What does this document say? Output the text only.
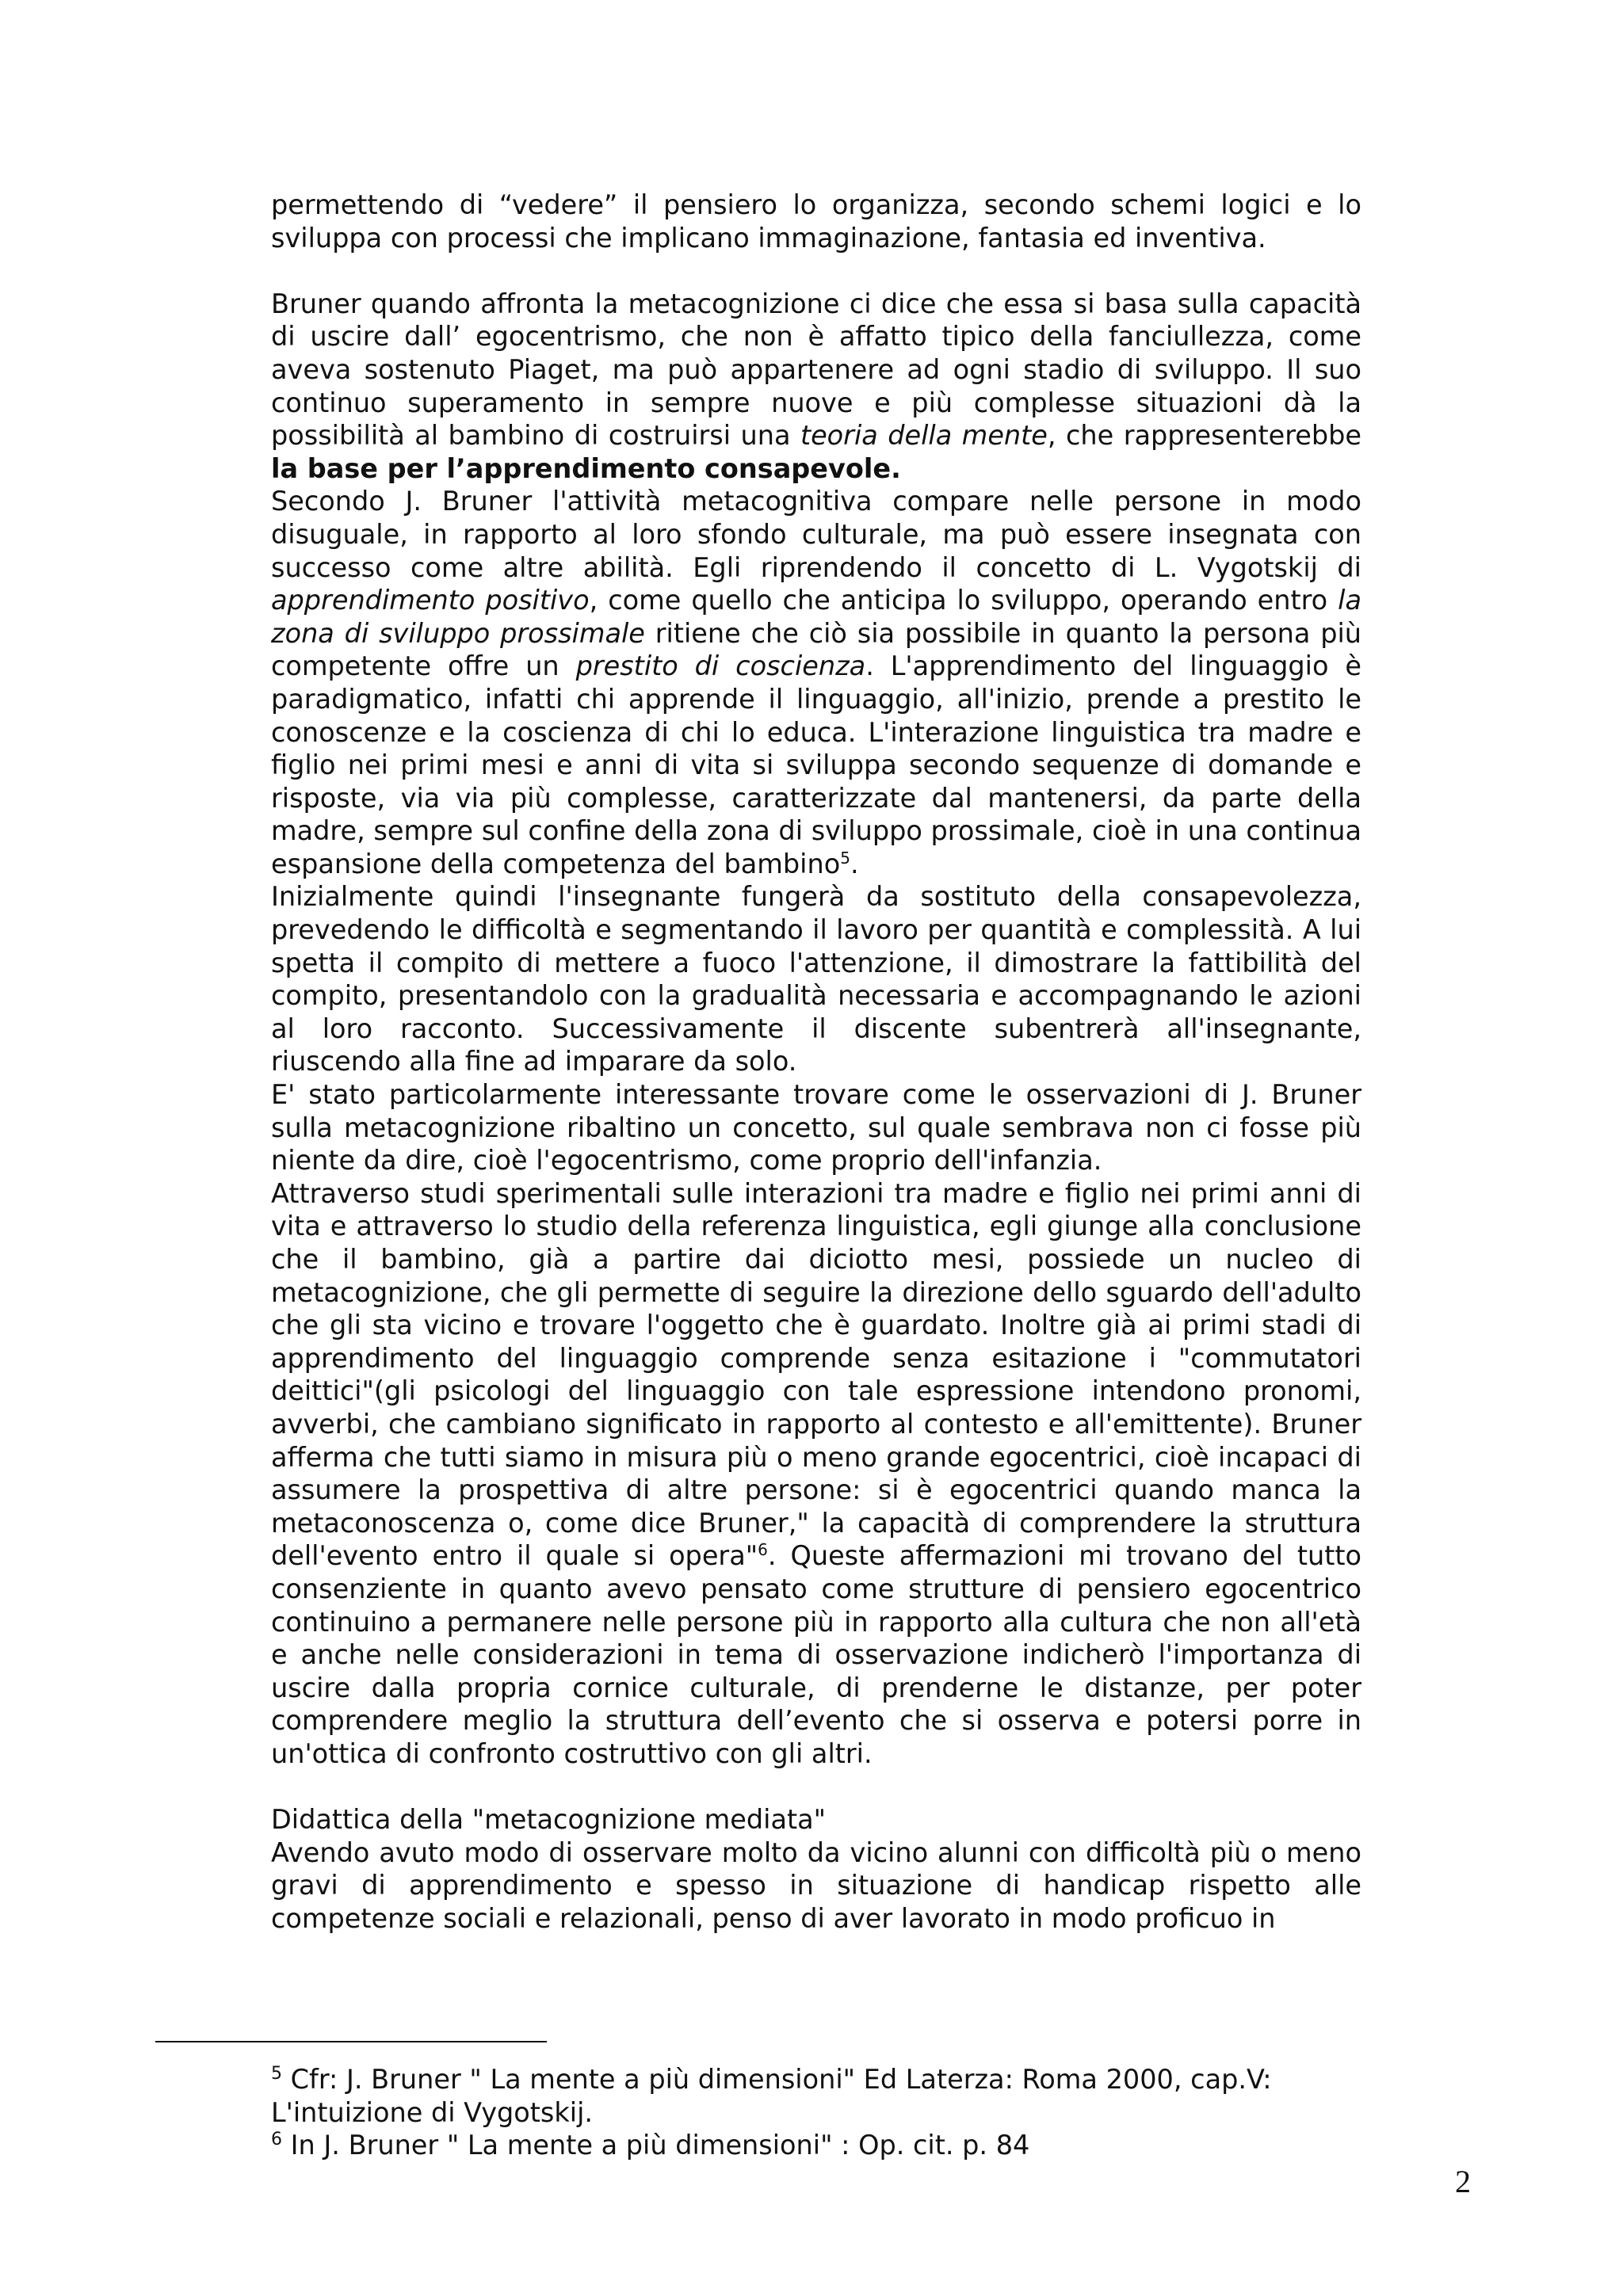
permettendo di “vedere” il pensiero lo organizza, secondo schemi logici e lo sviluppa con processi che implicano immaginazione, fantasia ed inventiva.

Bruner quando affronta la metacognizione ci dice che essa si basa sulla capacità di uscire dall’ egocentrismo, che non è affatto tipico della fanciullezza, come aveva sostenuto Piaget, ma può appartenere ad ogni stadio di sviluppo. Il suo continuo superamento in sempre nuove e più complesse situazioni dà la possibilità al bambino di costruirsi una teoria della mente, che rappresenterebbe la base per l’apprendimento consapevole.

Secondo J. Bruner l'attività metacognitiva compare nelle persone in modo disuguale, in rapporto al loro sfondo culturale, ma può essere insegnata con successo come altre abilità. Egli riprendendo il concetto di L. Vygotskij di apprendimento positivo, come quello che anticipa lo sviluppo, operando entro la zona di sviluppo prossimale ritiene che ciò sia possibile in quanto la persona più competente offre un prestito di coscienza. L'apprendimento del linguaggio è paradigmatico, infatti chi apprende il linguaggio, all'inizio, prende a prestito le conoscenze e la coscienza di chi lo educa. L'interazione linguistica tra madre e figlio nei primi mesi e anni di vita si sviluppa secondo sequenze di domande e risposte, via via più complesse, caratterizzate dal mantenersi, da parte della madre, sempre sul confine della zona di sviluppo prossimale, cioè in una continua espansione della competenza del bambino$^5$.

Inizialmente quindi l'insegnante fungerà da sostituto della consapevolezza, prevedendo le difficoltà e segmentando il lavoro per quantità e complessità. A lui spetta il compito di mettere a fuoco l'attenzione, il dimostrare la fattibilità del compito, presentandolo con la gradualità necessaria e accompagnando le azioni al loro racconto. Successivamente il discente subentrerà all'insegnante, riuscendo alla fine ad imparare da solo.

E' stato particolarmente interessante trovare come le osservazioni di J. Bruner sulla metacognizione ribaltino un concetto, sul quale sembrava non ci fosse più niente da dire, cioè l'egocentrismo, come proprio dell'infanzia.

Attraverso studi sperimentali sulle interazioni tra madre e figlio nei primi anni di vita e attraverso lo studio della referenza linguistica, egli giunge alla conclusione che il bambino, già a partire dai diciotto mesi, possiede un nucleo di metacognizione, che gli permette di seguire la direzione dello sguardo dell'adulto che gli sta vicino e trovare l'oggetto che è guardato. Inoltre già ai primi stadi di apprendimento del linguaggio comprende senza esitazione i "commutatori deittici"(gli psicologi del linguaggio con tale espressione intendono pronomi, avverbi, che cambiano significato in rapporto al contesto e all'emittente). Bruner afferma che tutti siamo in misura più o meno grande egocentrici, cioè incapaci di assumere la prospettiva di altre persone: si è egocentrici quando manca la metaconoscenza o, come dice Bruner," la capacità di comprendere la struttura dell'evento entro il quale si opera"$^6$. Queste affermazioni mi trovano del tutto consenziente in quanto avevo pensato come strutture di pensiero egocentrico continuino a permanere nelle persone più in rapporto alla cultura che non all'età e anche nelle considerazioni in tema di osservazione indicherò l'importanza di uscire dalla propria cornice culturale, di prenderne le distanze, per poter comprendere meglio la struttura dell’evento che si osserva e potersi porre in un'ottica di confronto costruttivo con gli altri.

Didattica della "metacognizione mediata"

Avendo avuto modo di osservare molto da vicino alunni con difficoltà più o meno gravi di apprendimento e spesso in situazione di handicap rispetto alle competenze sociali e relazionali, penso di aver lavorato in modo proficuo in

$^5$ Cfr: J. Bruner " La mente a più dimensioni" Ed Laterza: Roma 2000, cap.V: L'intuizione di Vygotskij.

$^6$ In J. Bruner " La mente a più dimensioni" : Op. cit. p. 84

2
